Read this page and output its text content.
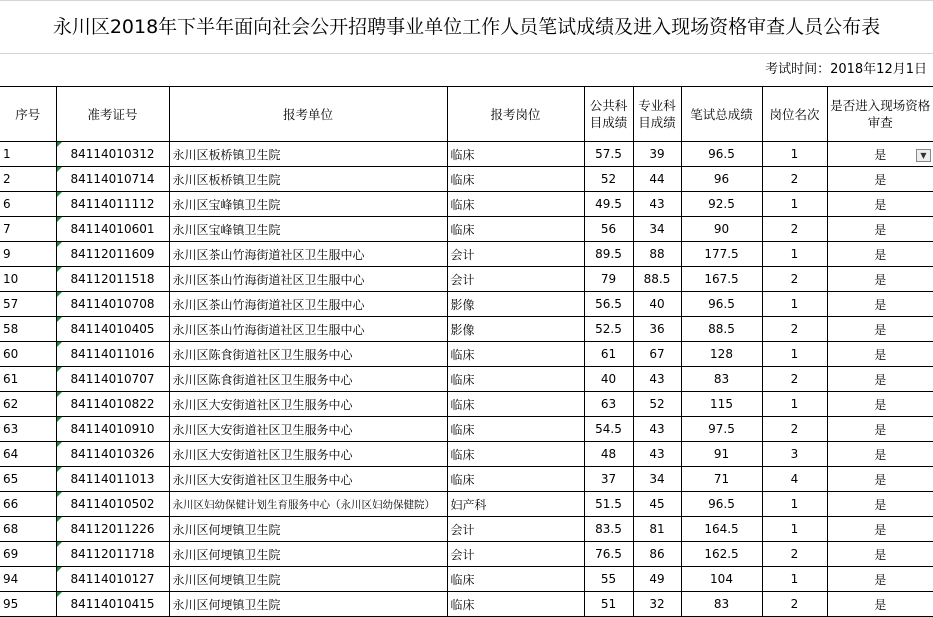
永川区2018年下半年面向社会公开招聘事业单位工作人员笔试成绩及进入现场资格审查人员公布表
考试时间：2018年12月1日
序号	准考证号	报考单位	报考岗位	公共科目成绩	专业科目成绩	笔试总成绩	岗位名次	是否进入现场资格审查
1	84114010312	永川区板桥镇卫生院	临床	57.5	39	96.5	1	是 ▼

2	84114010714	永川区板桥镇卫生院	临床	52	44	96	2	是
6	84114011112	永川区宝峰镇卫生院	临床	49.5	43	92.5	1	是
7	84114010601	永川区宝峰镇卫生院	临床	56	34	90	2	是
9	84112011609	永川区茶山竹海街道社区卫生服中心	会计	89.5	88	177.5	1	是
10	84112011518	永川区茶山竹海街道社区卫生服中心	会计	79	88.5	167.5	2	是
57	84114010708	永川区茶山竹海街道社区卫生服中心	影像	56.5	40	96.5	1	是
58	84114010405	永川区茶山竹海街道社区卫生服中心	影像	52.5	36	88.5	2	是
60	84114011016	永川区陈食街道社区卫生服务中心	临床	61	67	128	1	是
61	84114010707	永川区陈食街道社区卫生服务中心	临床	40	43	83	2	是
62	84114010822	永川区大安街道社区卫生服务中心	临床	63	52	115	1	是
63	84114010910	永川区大安街道社区卫生服务中心	临床	54.5	43	97.5	2	是
64	84114010326	永川区大安街道社区卫生服务中心	临床	48	43	91	3	是
65	84114011013	永川区大安街道社区卫生服务中心	临床	37	34	71	4	是
66	84114010502	永川区妇幼保健计划生育服务中心（永川区妇幼保健院）	妇产科	51.5	45	96.5	1	是
68	84112011226	永川区何埂镇卫生院	会计	83.5	81	164.5	1	是
69	84112011718	永川区何埂镇卫生院	会计	76.5	86	162.5	2	是
94	84114010127	永川区何埂镇卫生院	临床	55	49	104	1	是
95	84114010415	永川区何埂镇卫生院	临床	51	32	83	2	是
